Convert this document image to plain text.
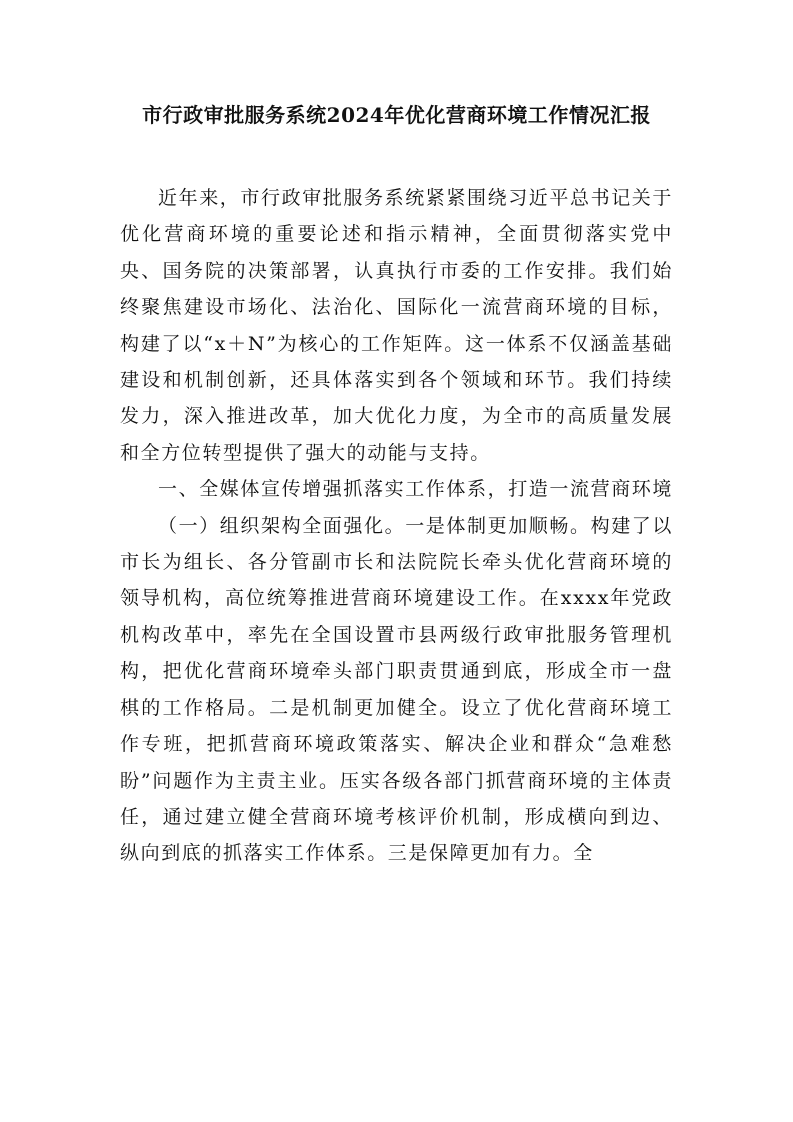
市行政审批服务系统2024年优化营商环境工作情况汇报

近年来，市行政审批服务系统紧紧围绕习近平总书记关于优化营商环境的重要论述和指示精神，全面贯彻落实党中央、国务院的决策部署，认真执行市委的工作安排。我们始终聚焦建设市场化、法治化、国际化一流营商环境的目标，构建了以“x＋N”为核心的工作矩阵。这一体系不仅涵盖基础建设和机制创新，还具体落实到各个领域和环节。我们持续发力，深入推进改革，加大优化力度，为全市的高质量发展和全方位转型提供了强大的动能与支持。

一、全媒体宣传增强抓落实工作体系，打造一流营商环境

（一）组织架构全面强化。一是体制更加顺畅。构建了以市长为组长、各分管副市长和法院院长牵头优化营商环境的领导机构，高位统筹推进营商环境建设工作。在xxxx年党政机构改革中，率先在全国设置市县两级行政审批服务管理机构，把优化营商环境牵头部门职责贯通到底，形成全市一盘棋的工作格局。二是机制更加健全。设立了优化营商环境工作专班，把抓营商环境政策落实、解决企业和群众“急难愁盼”问题作为主责主业。压实各级各部门抓营商环境的主体责任，通过建立健全营商环境考核评价机制，形成横向到边、纵向到底的抓落实工作体系。三是保障更加有力。全
